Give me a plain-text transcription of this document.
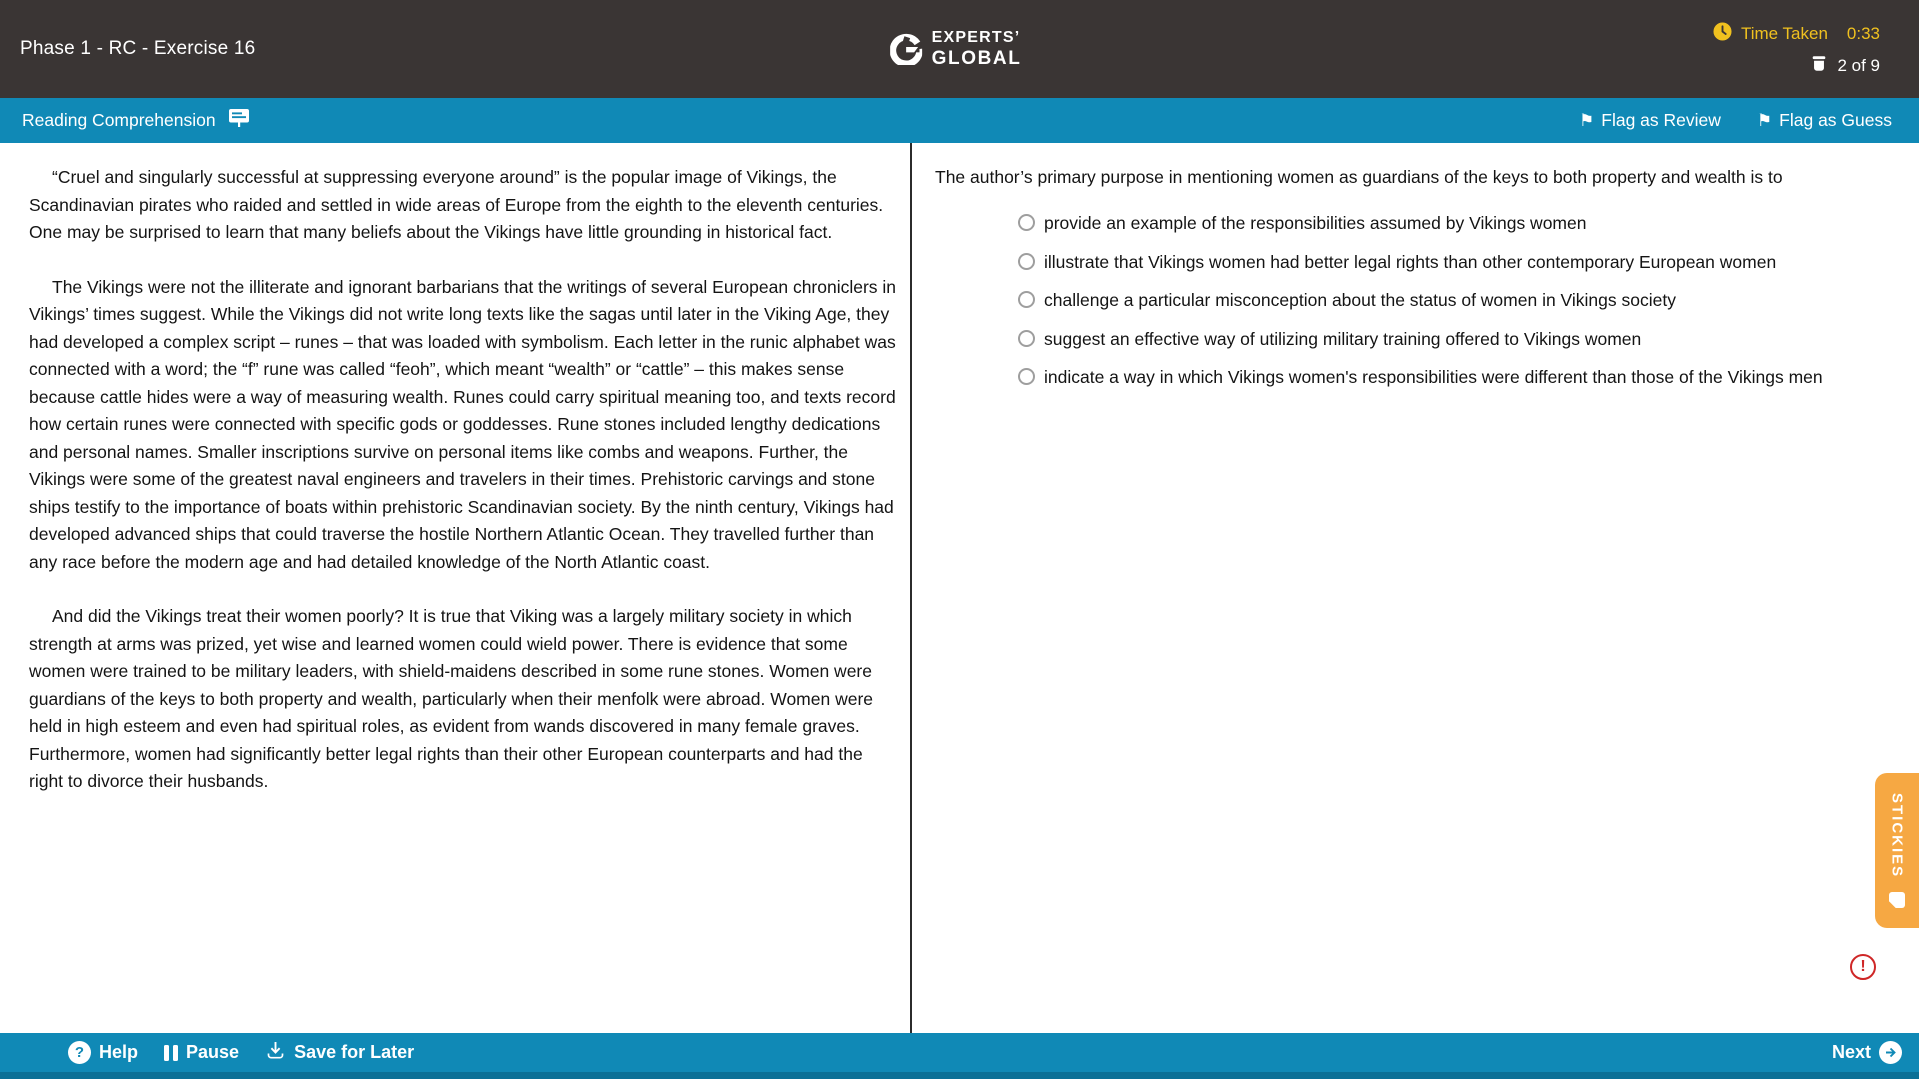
Phase 1 - RC - Exercise 16
EXPERTS’
GLOBAL
Time Taken 0:33
2 of 9
Reading Comprehension	⚑ Flag as Review ⚑ Flag as Guess

“Cruel and singularly successful at suppressing everyone around” is the popular image of Vikings, the Scandinavian pirates who raided and settled in wide areas of Europe from the eighth to the eleventh centuries. One may be surprised to learn that many beliefs about the Vikings have little grounding in historical fact.

The Vikings were not the illiterate and ignorant barbarians that the writings of several European chroniclers in Vikings’ times suggest. While the Vikings did not write long texts like the sagas until later in the Viking Age, they had developed a complex script – runes – that was loaded with symbolism. Each letter in the runic alphabet was connected with a word; the “f” rune was called “feoh”, which meant “wealth” or “cattle” – this makes sense because cattle hides were a way of measuring wealth. Runes could carry spiritual meaning too, and texts record how certain runes were connected with specific gods or goddesses. Rune stones included lengthy dedications and personal names. Smaller inscriptions survive on personal items like combs and weapons. Further, the Vikings were some of the greatest naval engineers and travelers in their times. Prehistoric carvings and stone ships testify to the importance of boats within prehistoric Scandinavian society. By the ninth century, Vikings had developed advanced ships that could traverse the hostile Northern Atlantic Ocean. They travelled further than any race before the modern age and had detailed knowledge of the North Atlantic coast.

And did the Vikings treat their women poorly? It is true that Viking was a largely military society in which strength at arms was prized, yet wise and learned women could wield power. There is evidence that some women were trained to be military leaders, with shield-maidens described in some rune stones. Women were guardians of the keys to both property and wealth, particularly when their menfolk were abroad. Women were held in high esteem and even had spiritual roles, as evident from wands discovered in many female graves. Furthermore, women had significantly better legal rights than their other European counterparts and had the right to divorce their husbands.

The author’s primary purpose in mentioning women as guardians of the keys to both property and wealth is to

provide an example of the responsibilities assumed by Vikings women
illustrate that Vikings women had better legal rights than other contemporary European women
challenge a particular misconception about the status of women in Vikings society
suggest an effective way of utilizing military training offered to Vikings women
indicate a way in which Vikings women's responsibilities were different than those of the Vikings men
STICKIES
!
? Help	Pause	Save for Later	Next
